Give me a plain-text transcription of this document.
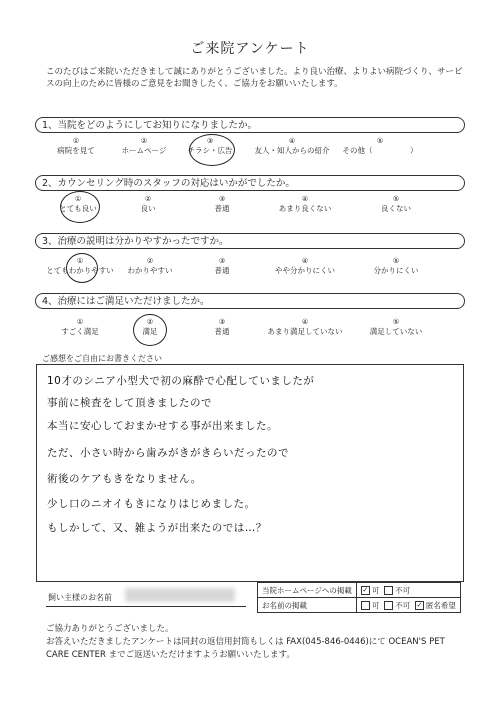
ご来院アンケート
このたびはご来院いただきまして誠にありがとうございました。より良い治療、よりよい病院づくり、サービスの向上のために皆様のご意見をお聞きしたく、ご協力をお願いいたします。
1、当院をどのようにしてお知りになりましたか。
①
病院を見て
②
ホームページ
③
チラシ・広告
④
友人・知人からの紹介
⑤
その他（　　　　　）
2、カウンセリング時のスタッフの対応はいかがでしたか。
①
とても良い
②
良い
③
普通
④
あまり良くない
⑤
良くない
3、治療の説明は分かりやすかったですか。
①
とてもわかりやすい
②
わかりやすい
③
普通
④
やや分かりにくい
⑤
分かりにくい
4、治療にはご満足いただけましたか。
①
すごく満足
②
満足
③
普通
④
あまり満足していない
⑤
満足していない
ご感想をご自由にお書きください
10才のシニア小型犬で初の麻酔で心配していましたが
事前に検査をして頂きましたので
本当に安心しておまかせする事が出来ました。
ただ、小さい時から歯みがきがきらいだったので
術後のケアもきをなりません。
少し口のニオイもきになりはじめました。
もしかして、又、雑ようが出来たのでは…？
飼い主様のお名前
当院ホームページへの掲載	✓ 可 不可
お名前の掲載	可 不可 ✓ 匿名希望
ご協力ありがとうございました。
お答えいただきましたアンケートは同封の返信用封筒もしくは FAX(045-846-0446)にて OCEAN'S PET CARE CENTER までご返送いただけますようお願いいたします。
